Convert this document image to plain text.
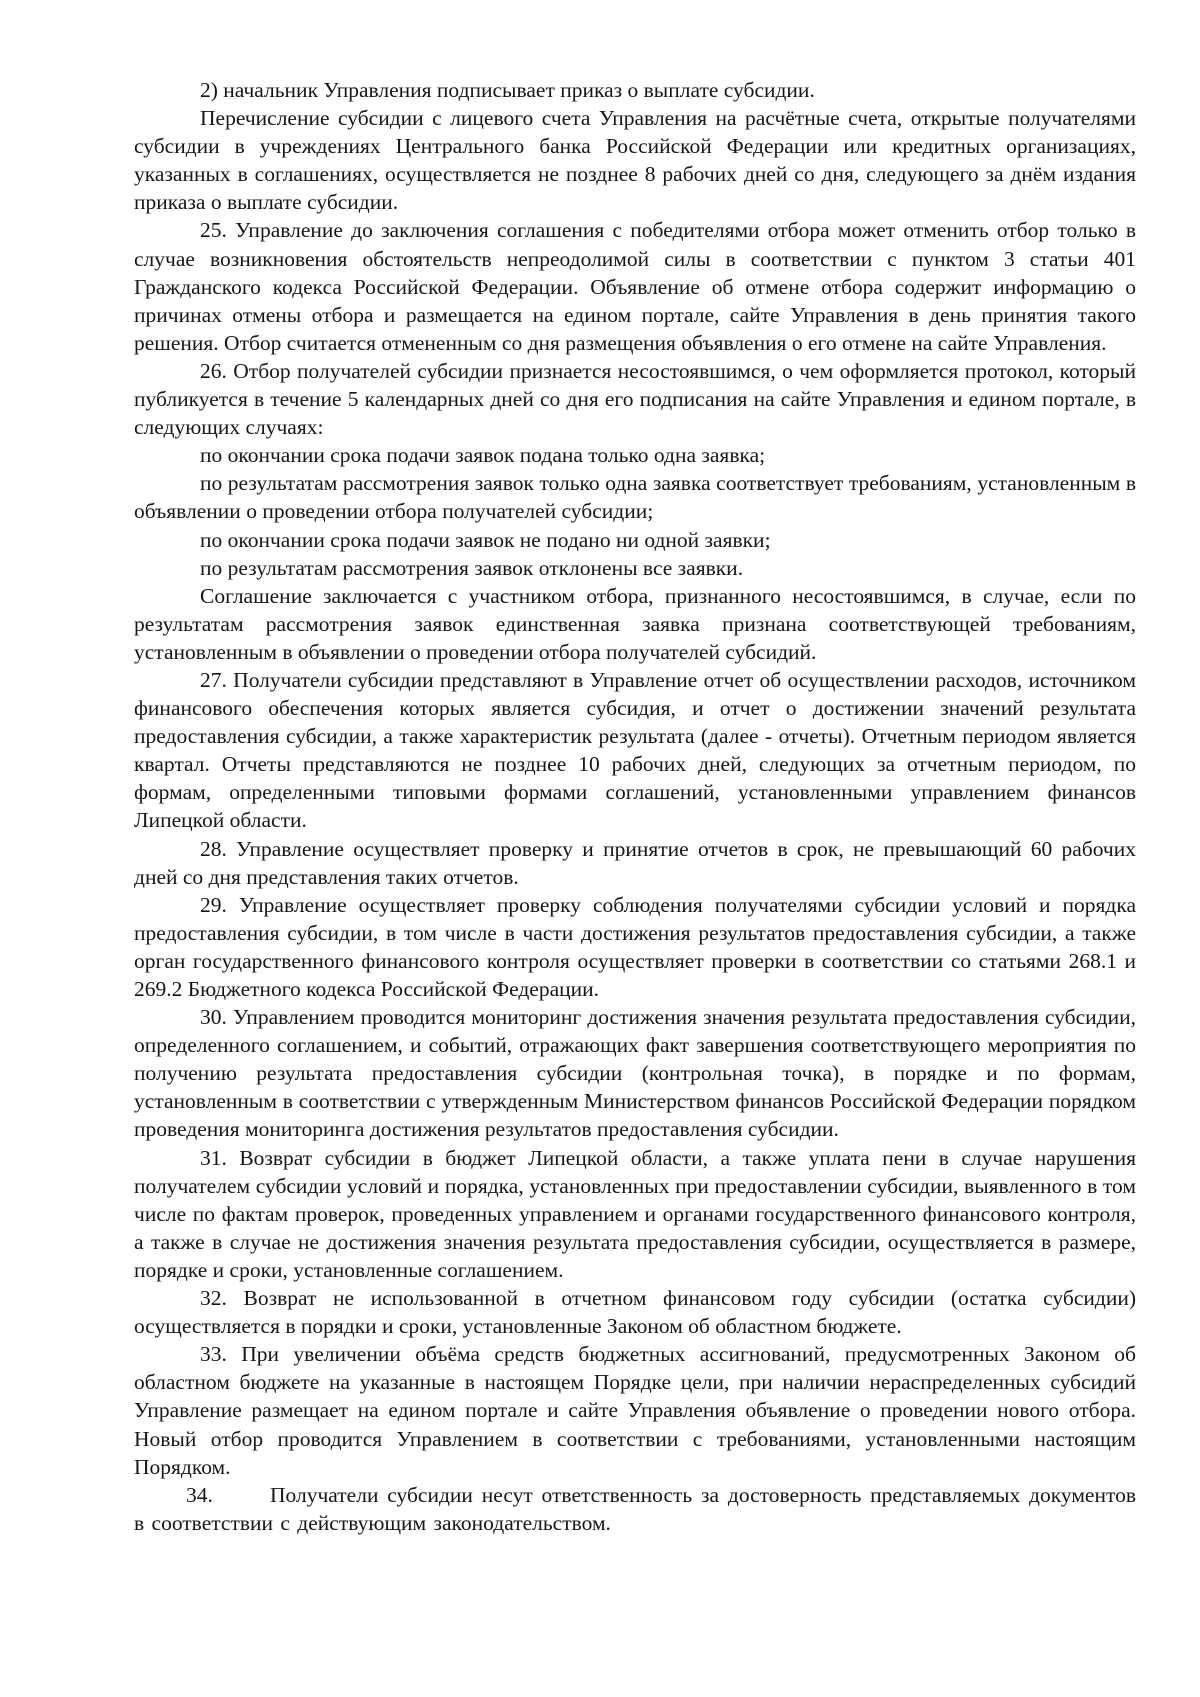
2) начальник Управления подписывает приказ о выплате субсидии.

Перечисление субсидии с лицевого счета Управления на расчётные счета, открытые получателями субсидии в учреждениях Центрального банка Российской Федерации или кредитных организациях, указанных в соглашениях, осуществляется не позднее 8 рабочих дней со дня, следующего за днём издания приказа о выплате субсидии.

25. Управление до заключения соглашения с победителями отбора может отменить отбор только в случае возникновения обстоятельств непреодолимой силы в соответствии с пунктом 3 статьи 401 Гражданского кодекса Российской Федерации. Объявление об отмене отбора содержит информацию о причинах отмены отбора и размещается на едином портале, сайте Управления в день принятия такого решения. Отбор считается отмененным со дня размещения объявления о его отмене на сайте Управления.

26. Отбор получателей субсидии признается несостоявшимся, о чем оформляется протокол, который публикуется в течение 5 календарных дней со дня его подписания на сайте Управления и едином портале, в следующих случаях:

по окончании срока подачи заявок подана только одна заявка;

по результатам рассмотрения заявок только одна заявка соответствует требованиям, установленным в объявлении о проведении отбора получателей субсидии;

по окончании срока подачи заявок не подано ни одной заявки;

по результатам рассмотрения заявок отклонены все заявки.

Соглашение заключается с участником отбора, признанного несостоявшимся, в случае, если по результатам рассмотрения заявок единственная заявка признана соответствующей требованиям, установленным в объявлении о проведении отбора получателей субсидий.

27. Получатели субсидии представляют в Управление отчет об осуществлении расходов, источником финансового обеспечения которых является субсидия, и отчет о достижении значений результата предоставления субсидии, а также характеристик результата (далее - отчеты). Отчетным периодом является квартал. Отчеты представляются не позднее 10 рабочих дней, следующих за отчетным периодом, по формам, определенными типовыми формами соглашений, установленными управлением финансов Липецкой области.

28. Управление осуществляет проверку и принятие отчетов в срок, не превышающий 60 рабочих дней со дня представления таких отчетов.

29. Управление осуществляет проверку соблюдения получателями субсидии условий и порядка предоставления субсидии, в том числе в части достижения результатов предоставления субсидии, а также орган государственного финансового контроля осуществляет проверки в соответствии со статьями 268.1 и 269.2 Бюджетного кодекса Российской Федерации.

30. Управлением проводится мониторинг достижения значения результата предоставления субсидии, определенного соглашением, и событий, отражающих факт завершения соответствующего мероприятия по получению результата предоставления субсидии (контрольная точка), в порядке и по формам, установленным в соответствии с утвержденным Министерством финансов Российской Федерации порядком проведения мониторинга достижения результатов предоставления субсидии.

31. Возврат субсидии в бюджет Липецкой области, а также уплата пени в случае нарушения получателем субсидии условий и порядка, установленных при предоставлении субсидии, выявленного в том числе по фактам проверок, проведенных управлением и органами государственного финансового контроля, а также в случае не достижения значения результата предоставления субсидии, осуществляется в размере, порядке и сроки, установленные соглашением.

32. Возврат не использованной в отчетном финансовом году субсидии (остатка субсидии) осуществляется в порядки и сроки, установленные Законом об областном бюджете.

33. При увеличении объёма средств бюджетных ассигнований, предусмотренных Законом об областном бюджете на указанные в настоящем Порядке цели, при наличии нераспределенных субсидий Управление размещает на едином портале и сайте Управления объявление о проведении нового отбора. Новый отбор проводится Управлением в соответствии с требованиями, установленными настоящим Порядком.

34.	Получатели субсидии несут ответственность за достоверность представляемых документов в соответствии с действующим законодательством.
